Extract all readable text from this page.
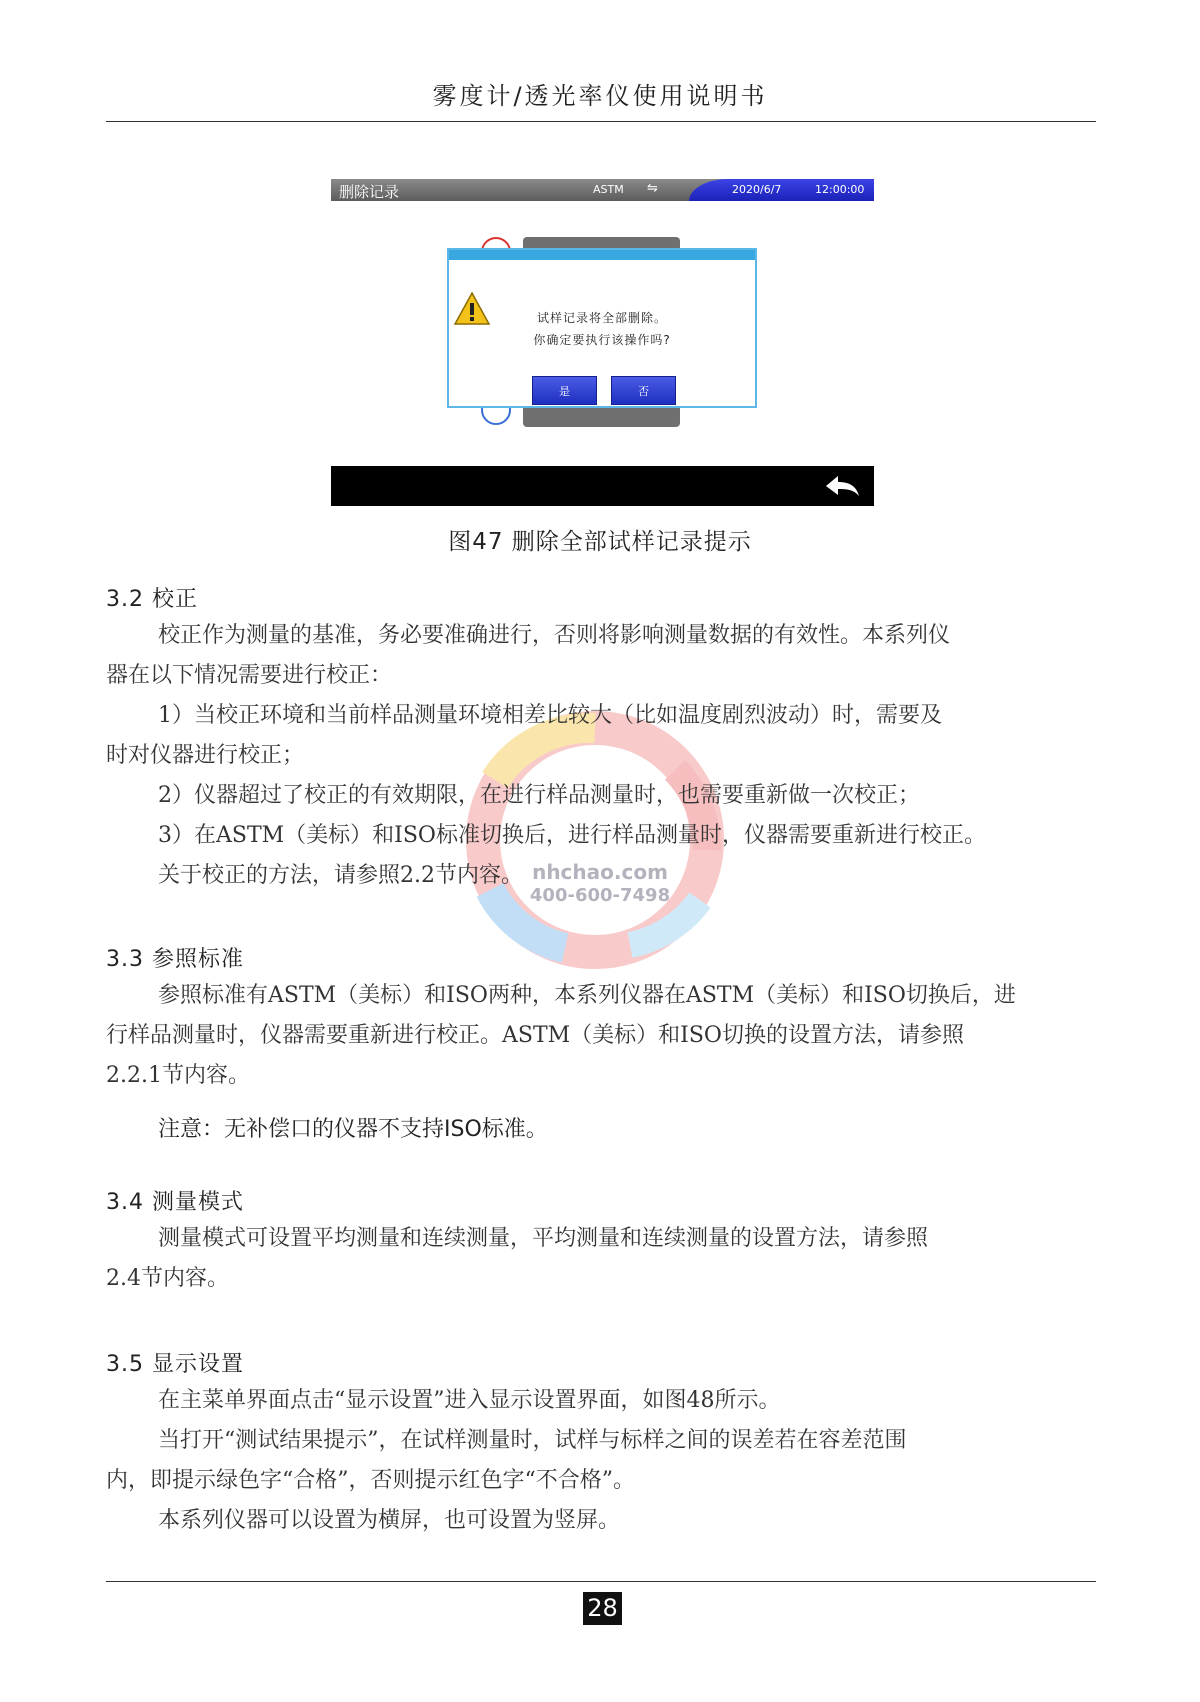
雾度计/透光率仪使用说明书
删除记录	ASTM ⇋	2020/6/7	12:00:00
试样记录将全部删除。
你确定要执行该操作吗?
是	否
图47 删除全部试样记录提示
nhchao.com
400-600-7498
3.2 校正
校正作为测量的基准，务必要准确进行，否则将影响测量数据的有效性。本系列仪
器在以下情况需要进行校正：
1）当校正环境和当前样品测量环境相差比较大（比如温度剧烈波动）时，需要及
时对仪器进行校正；
2）仪器超过了校正的有效期限，在进行样品测量时，也需要重新做一次校正；
3）在ASTM（美标）和ISO标准切换后，进行样品测量时，仪器需要重新进行校正。
关于校正的方法，请参照2.2节内容。
3.3 参照标准
参照标准有ASTM（美标）和ISO两种，本系列仪器在ASTM（美标）和ISO切换后，进
行样品测量时，仪器需要重新进行校正。ASTM（美标）和ISO切换的设置方法，请参照
2.2.1节内容。
注意：无补偿口的仪器不支持ISO标准。
3.4 测量模式
测量模式可设置平均测量和连续测量，平均测量和连续测量的设置方法，请参照
2.4节内容。
3.5 显示设置
在主菜单界面点击“显示设置”进入显示设置界面，如图48所示。
当打开“测试结果提示”，在试样测量时，试样与标样之间的误差若在容差范围
内，即提示绿色字“合格”，否则提示红色字“不合格”。
本系列仪器可以设置为横屏，也可设置为竖屏。
28
